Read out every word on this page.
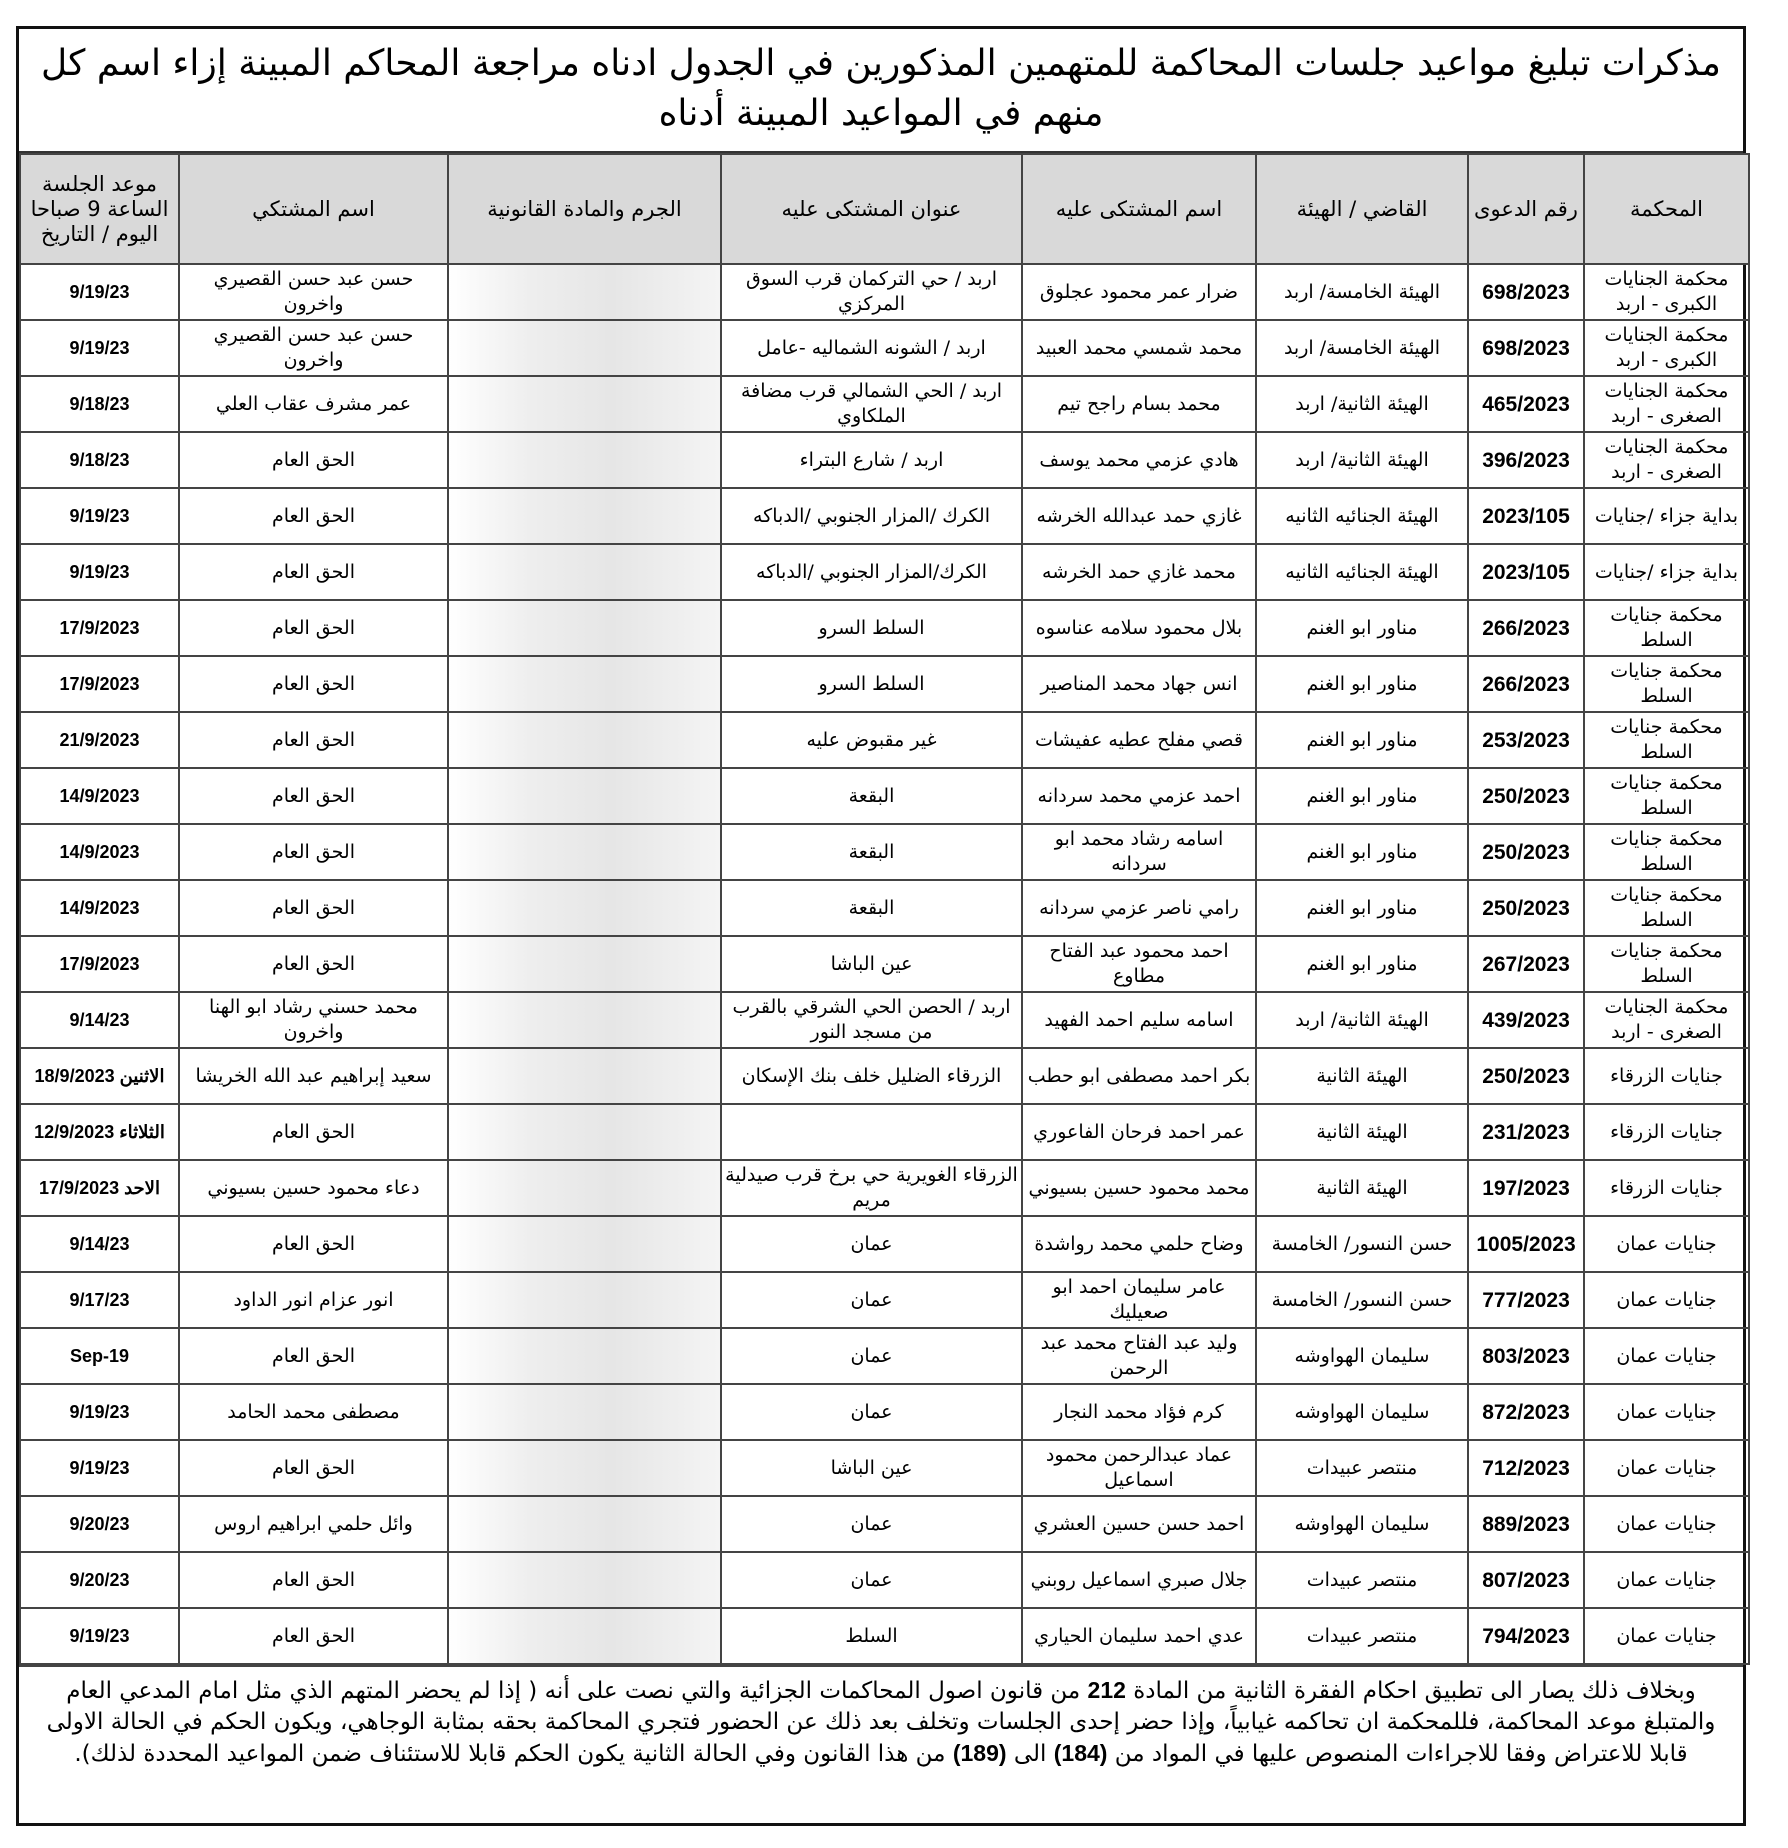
مذكرات تبليغ مواعيد جلسات المحاكمة للمتهمين المذكورين في الجدول ادناه مراجعة المحاكم المبينة إزاء اسم كل منهم في المواعيد المبينة أدناه
المحكمة	رقم الدعوى	القاضي / الهيئة	اسم المشتكى عليه	عنوان المشتكى عليه	الجرم والمادة القانونية	اسم المشتكي	موعد الجلسة الساعة 9 صباحا اليوم / التاريخ
محكمة الجنايات الكبرى - اربد	698/2023	الهيئة الخامسة/ اربد	ضرار عمر محمود عجلوق	اربد / حي التركمان قرب السوق المركزي		حسن عبد حسن القصيري واخرون	9/19/23
محكمة الجنايات الكبرى - اربد	698/2023	الهيئة الخامسة/ اربد	محمد شمسي محمد العبيد	اربد / الشونه الشماليه -عامل		حسن عبد حسن القصيري واخرون	9/19/23
محكمة الجنايات الصغرى - اربد	465/2023	الهيئة الثانية/ اربد	محمد بسام راجح تيم	اربد / الحي الشمالي قرب مضافة الملكاوي		عمر مشرف عقاب العلي	9/18/23
محكمة الجنايات الصغرى - اربد	396/2023	الهيئة الثانية/ اربد	هادي عزمي محمد يوسف	اربد / شارع البتراء		الحق العام	9/18/23
بداية جزاء /جنايات	2023/105	الهيئة الجنائيه الثانيه	غازي حمد عبدالله الخرشه	الكرك /المزار الجنوبي /الدباكه		الحق العام	9/19/23
بداية جزاء /جنايات	2023/105	الهيئة الجنائيه الثانيه	محمد غازي حمد الخرشه	الكرك/المزار الجنوبي /الدباكه		الحق العام	9/19/23
محكمة جنايات السلط	266/2023	مناور ابو الغنم	بلال محمود سلامه عناسوه	السلط السرو		الحق العام	17/9/2023
محكمة جنايات السلط	266/2023	مناور ابو الغنم	انس جهاد محمد المناصير	السلط السرو		الحق العام	17/9/2023
محكمة جنايات السلط	253/2023	مناور ابو الغنم	قصي مفلح عطيه عفيشات	غير مقبوض عليه		الحق العام	21/9/2023
محكمة جنايات السلط	250/2023	مناور ابو الغنم	احمد عزمي محمد سردانه	البقعة		الحق العام	14/9/2023
محكمة جنايات السلط	250/2023	مناور ابو الغنم	اسامه رشاد محمد ابو سردانه	البقعة		الحق العام	14/9/2023
محكمة جنايات السلط	250/2023	مناور ابو الغنم	رامي ناصر عزمي سردانه	البقعة		الحق العام	14/9/2023
محكمة جنايات السلط	267/2023	مناور ابو الغنم	احمد محمود عبد الفتاح مطاوع	عين الباشا		الحق العام	17/9/2023
محكمة الجنايات الصغرى - اربد	439/2023	الهيئة الثانية/ اربد	اسامه سليم احمد الفهيد	اربد / الحصن الحي الشرقي بالقرب من مسجد النور		محمد حسني رشاد ابو الهنا واخرون	9/14/23
جنايات الزرقاء	250/2023	الهيئة الثانية	بكر احمد مصطفى ابو حطب	الزرقاء الضليل خلف بنك الإسكان		سعيد إبراهيم عبد الله الخريشا	الاثنين 18/9/2023
جنايات الزرقاء	231/2023	الهيئة الثانية	عمر احمد فرحان الفاعوري			الحق العام	الثلاثاء 12/9/2023
جنايات الزرقاء	197/2023	الهيئة الثانية	محمد محمود حسين بسيوني	الزرقاء الغويرية حي برخ قرب صيدلية مريم		دعاء محمود حسين بسيوني	الاحد 17/9/2023
جنايات عمان	1005/2023	حسن النسور/ الخامسة	وضاح حلمي محمد رواشدة	عمان		الحق العام	9/14/23
جنايات عمان	777/2023	حسن النسور/ الخامسة	عامر سليمان احمد ابو صعيليك	عمان		انور عزام انور الداود	9/17/23
جنايات عمان	803/2023	سليمان الهواوشه	وليد عبد الفتاح محمد عبد الرحمن	عمان		الحق العام	19-Sep
جنايات عمان	872/2023	سليمان الهواوشه	كرم فؤاد محمد النجار	عمان		مصطفى محمد الحامد	9/19/23
جنايات عمان	712/2023	منتصر عبيدات	عماد عبدالرحمن محمود اسماعيل	عين الباشا		الحق العام	9/19/23
جنايات عمان	889/2023	سليمان الهواوشه	احمد حسن حسين العشري	عمان		وائل حلمي ابراهيم اروس	9/20/23
جنايات عمان	807/2023	منتصر عبيدات	جلال صبري اسماعيل روبني	عمان		الحق العام	9/20/23
جنايات عمان	794/2023	منتصر عبيدات	عدي احمد سليمان الحياري	السلط		الحق العام	9/19/23
وبخلاف ذلك يصار الى تطبيق احكام الفقرة الثانية من المادة 212 من قانون اصول المحاكمات الجزائية والتي نصت على أنه ( إذا لم يحضر المتهم الذي مثل امام المدعي العام والمتبلغ موعد المحاكمة، فللمحكمة ان تحاكمه غيابياً، وإذا حضر إحدى الجلسات وتخلف بعد ذلك عن الحضور فتجري المحاكمة بحقه بمثابة الوجاهي، ويكون الحكم في الحالة الاولى قابلا للاعتراض وفقا للاجراءات المنصوص عليها في المواد من (184) الى (189) من هذا القانون وفي الحالة الثانية يكون الحكم قابلا للاستئناف ضمن المواعيد المحددة لذلك).
